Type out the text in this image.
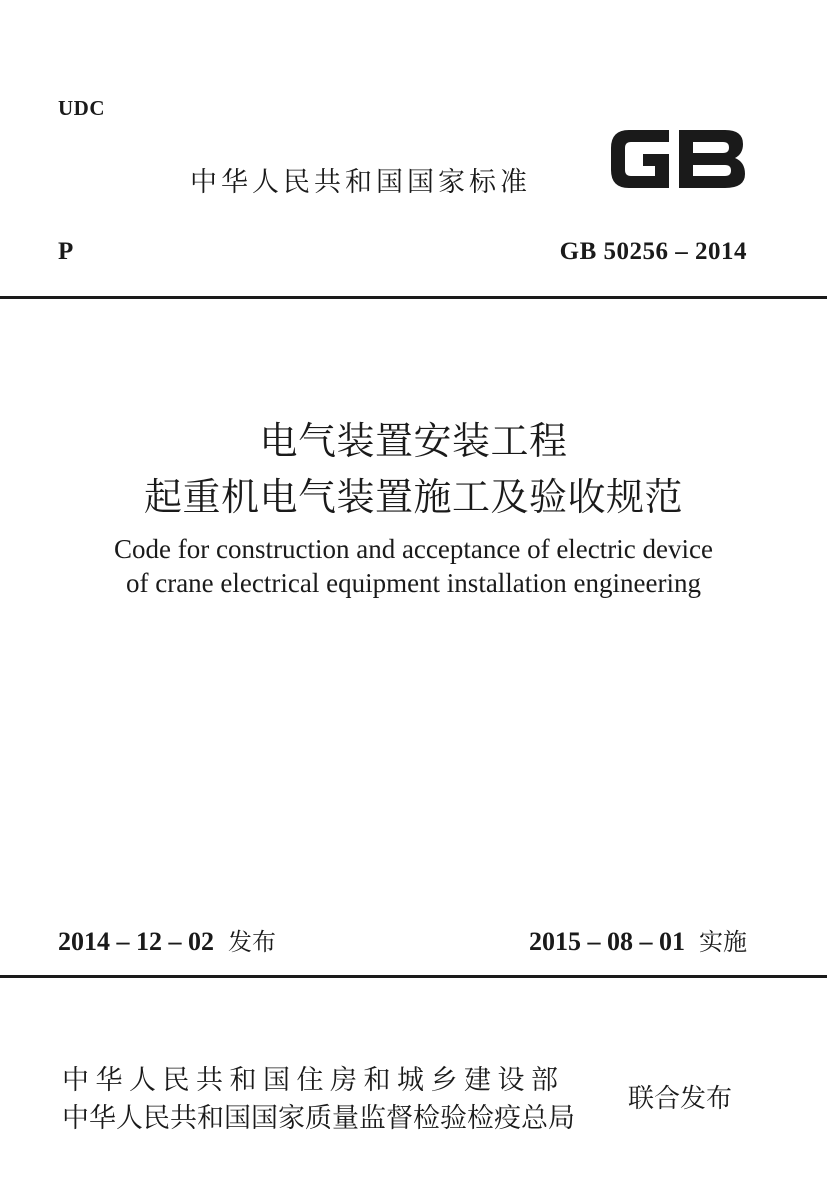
UDC
中华人民共和国国家标准
P	GB 50256 – 2014
电气装置安装工程
起重机电气装置施工及验收规范
Code for construction and acceptance of electric device
of crane electrical equipment installation engineering
2014 – 12 – 02 发布	2015 – 08 – 01 实施
中华人民共和国住房和城乡建设部
中华人民共和国国家质量监督检验检疫总局
联合发布
